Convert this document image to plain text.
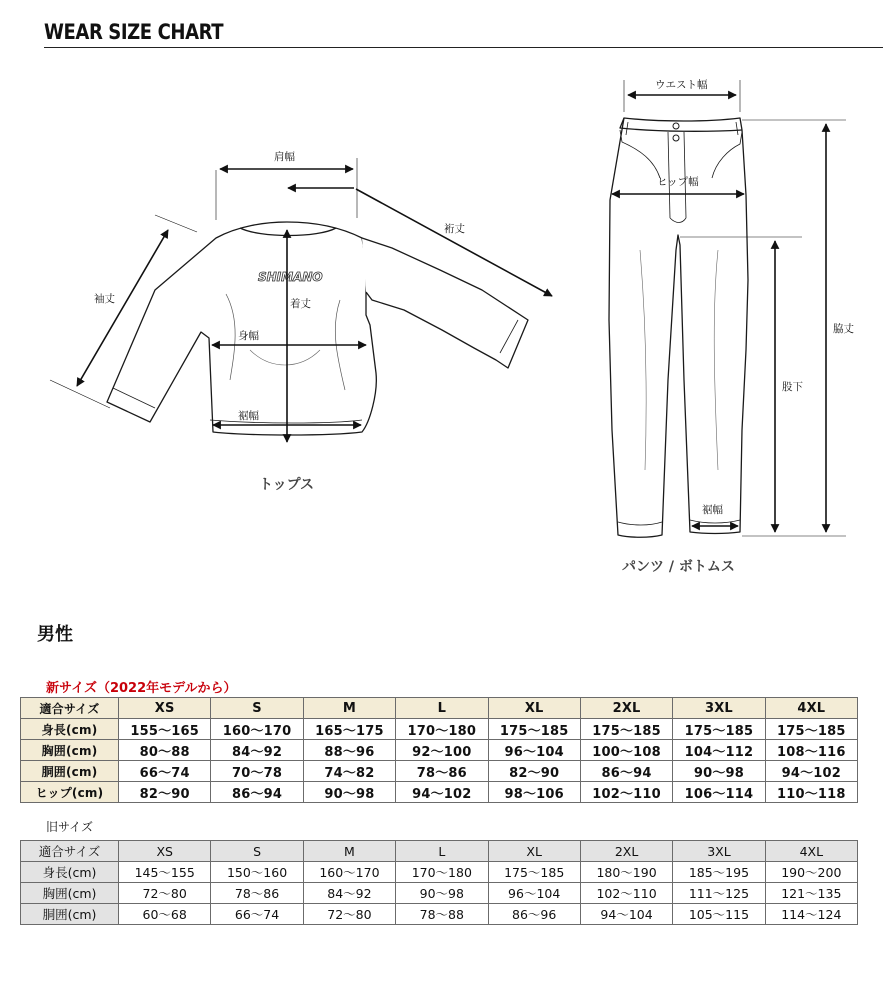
WEAR SIZE CHART
SHIMANO
肩幅
裄丈
袖丈	着丈
身幅
裾幅
トップス
ウエスト幅
ヒップ幅
脇丈
股下
裾幅
パンツ / ボトムス
男性
新サイズ（2022年モデルから）
適合サイズ	XS	S	M	L	XL	2XL	3XL	4XL
身長(cm)	155〜165	160〜170	165〜175	170〜180	175〜185	175〜185	175〜185	175〜185
胸囲(cm)	80〜88	84〜92	88〜96	92〜100	96〜104	100〜108	104〜112	108〜116
胴囲(cm)	66〜74	70〜78	74〜82	78〜86	82〜90	86〜94	90〜98	94〜102
ヒップ(cm)	82〜90	86〜94	90〜98	94〜102	98〜106	102〜110	106〜114	110〜118
旧サイズ
適合サイズ	XS	S	M	L	XL	2XL	3XL	4XL
身長(cm)	145〜155	150〜160	160〜170	170〜180	175〜185	180〜190	185〜195	190〜200
胸囲(cm)	72〜80	78〜86	84〜92	90〜98	96〜104	102〜110	111〜125	121〜135
胴囲(cm)	60〜68	66〜74	72〜80	78〜88	86〜96	94〜104	105〜115	114〜124
